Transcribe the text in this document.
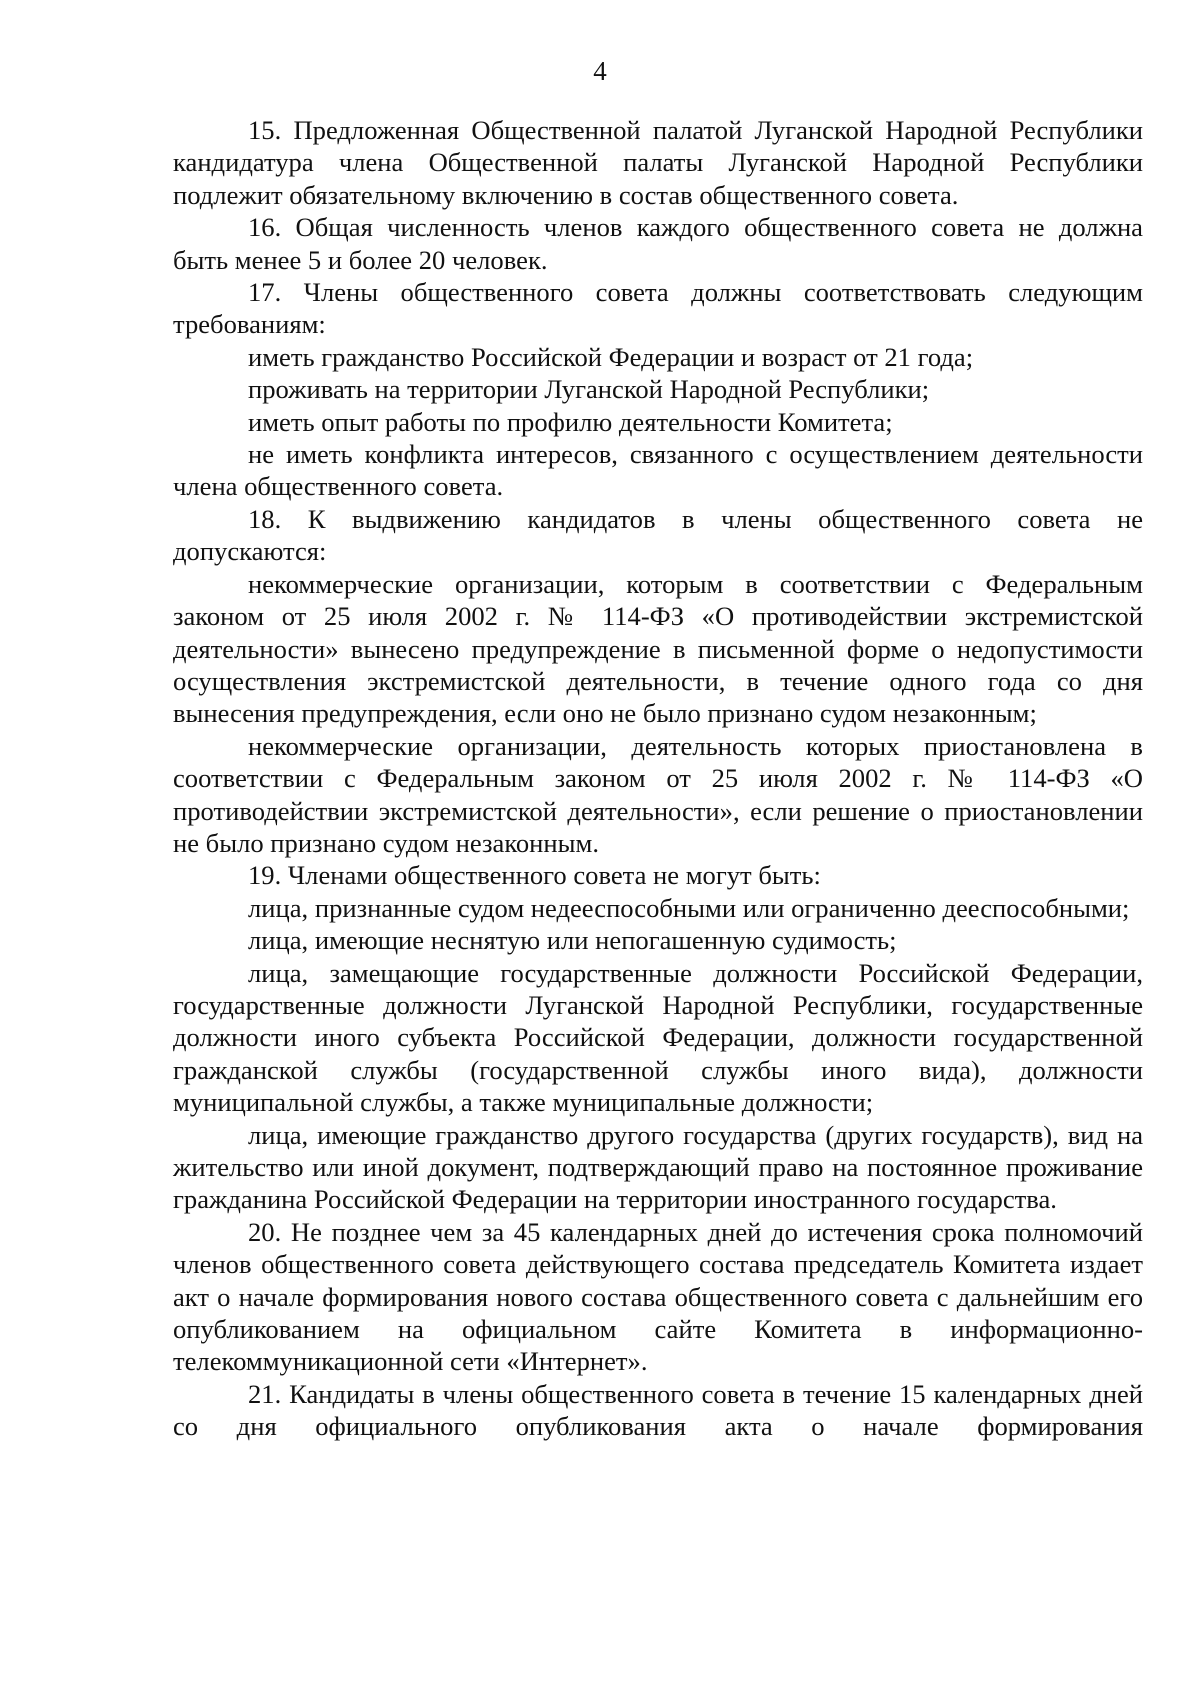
4

15. Предложенная Общественной палатой Луганской Народной Республики кандидатура члена Общественной палаты Луганской Народной Республики подлежит обязательному включению в состав общественного совета.

16. Общая численность членов каждого общественного совета не должна быть менее 5 и более 20 человек.

17. Члены общественного совета должны соответствовать следующим требованиям:

иметь гражданство Российской Федерации и возраст от 21 года;

проживать на территории Луганской Народной Республики;

иметь опыт работы по профилю деятельности Комитета;

не иметь конфликта интересов, связанного с осуществлением деятельности члена общественного совета.

18. К выдвижению кандидатов в члены общественного совета не допускаются:

некоммерческие организации, которым в соответствии с Федеральным законом от 25 июля 2002 г. № 114-ФЗ «О противодействии экстремистской деятельности» вынесено предупреждение в письменной форме о недопустимости осуществления экстремистской деятельности, в течение одного года со дня вынесения предупреждения, если оно не было признано судом незаконным;

некоммерческие организации, деятельность которых приостановлена в соответствии с Федеральным законом от 25 июля 2002 г. № 114-ФЗ «О противодействии экстремистской деятельности», если решение о приостановлении не было признано судом незаконным.

19. Членами общественного совета не могут быть:

лица, признанные судом недееспособными или ограниченно дееспособными;

лица, имеющие неснятую или непогашенную судимость;

лица, замещающие государственные должности Российской Федерации, государственные должности Луганской Народной Республики, государственные должности иного субъекта Российской Федерации, должности государственной гражданской службы (государственной службы иного вида), должности муниципальной службы, а также муниципальные должности;

лица, имеющие гражданство другого государства (других государств), вид на жительство или иной документ, подтверждающий право на постоянное проживание гражданина Российской Федерации на территории иностранного государства.

20. Не позднее чем за 45 календарных дней до истечения срока полномочий членов общественного совета действующего состава председатель Комитета издает акт о начале формирования нового состава общественного совета с дальнейшим его опубликованием на официальном сайте Комитета в информационно-телекоммуникационной сети «Интернет».

21. Кандидаты в члены общественного совета в течение 15 календарных дней со дня официального опубликования акта о начале формирования
